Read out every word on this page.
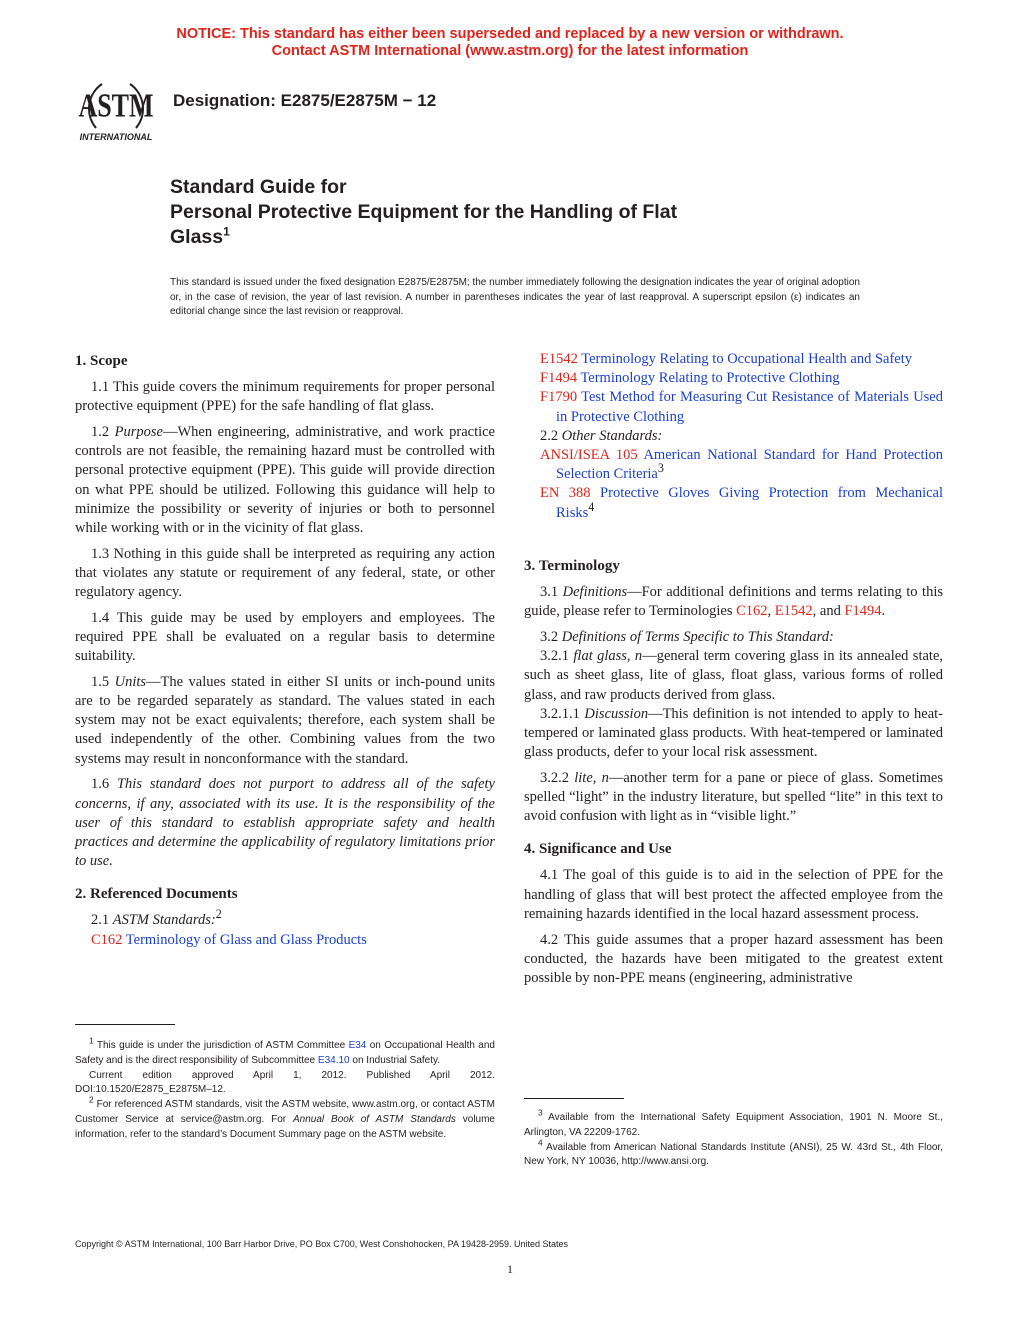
NOTICE: This standard has either been superseded and replaced by a new version or withdrawn.
Contact ASTM International (www.astm.org) for the latest information
ASTM
INTERNATIONAL
Designation: E2875/E2875M − 12
Standard Guide for
Personal Protective Equipment for the Handling of Flat
Glass$^1$
This standard is issued under the fixed designation E2875/E2875M; the number immediately following the designation indicates the year of original adoption or, in the case of revision, the year of last revision. A number in parentheses indicates the year of last reapproval. A superscript epsilon (ε) indicates an editorial change since the last revision or reapproval.
1. Scope

1.1 This guide covers the minimum requirements for proper personal protective equipment (PPE) for the safe handling of flat glass.

1.2 Purpose—When engineering, administrative, and work practice controls are not feasible, the remaining hazard must be controlled with personal protective equipment (PPE). This guide will provide direction on what PPE should be utilized. Following this guidance will help to minimize the possibility or severity of injuries or both to personnel while working with or in the vicinity of flat glass.

1.3 Nothing in this guide shall be interpreted as requiring any action that violates any statute or requirement of any federal, state, or other regulatory agency.

1.4 This guide may be used by employers and employees. The required PPE shall be evaluated on a regular basis to determine suitability.

1.5 Units—The values stated in either SI units or inch-pound units are to be regarded separately as standard. The values stated in each system may not be exact equivalents; therefore, each system shall be used independently of the other. Combining values from the two systems may result in nonconformance with the standard.

1.6 This standard does not purport to address all of the safety concerns, if any, associated with its use. It is the responsibility of the user of this standard to establish appropriate safety and health practices and determine the applicability of regulatory limitations prior to use.

2. Referenced Documents

2.1 ASTM Standards:$^2$

C162 Terminology of Glass and Glass Products

$^1$ This guide is under the jurisdiction of ASTM Committee E34 on Occupational Health and Safety and is the direct responsibility of Subcommittee E34.10 on Industrial Safety.

Current edition approved April 1, 2012. Published April 2012. DOI:10.1520/E2875_E2875M–12.

$^2$ For referenced ASTM standards, visit the ASTM website, www.astm.org, or contact ASTM Customer Service at service@astm.org. For Annual Book of ASTM Standards volume information, refer to the standard’s Document Summary page on the ASTM website.

E1542 Terminology Relating to Occupational Health and Safety

F1494 Terminology Relating to Protective Clothing

F1790 Test Method for Measuring Cut Resistance of Materials Used in Protective Clothing

2.2 Other Standards:

ANSI/ISEA 105 American National Standard for Hand Protection Selection Criteria$^3$

EN 388 Protective Gloves Giving Protection from Mechanical Risks$^4$

3. Terminology

3.1 Definitions—For additional definitions and terms relating to this guide, please refer to Terminologies C162, E1542, and F1494.

3.2 Definitions of Terms Specific to This Standard:

3.2.1 flat glass, n—general term covering glass in its annealed state, such as sheet glass, lite of glass, float glass, various forms of rolled glass, and raw products derived from glass.

3.2.1.1 Discussion—This definition is not intended to apply to heat-tempered or laminated glass products. With heat-tempered or laminated glass products, defer to your local risk assessment.

3.2.2 lite, n—another term for a pane or piece of glass. Sometimes spelled “light” in the industry literature, but spelled “lite” in this text to avoid confusion with light as in “visible light.”

4. Significance and Use

4.1 The goal of this guide is to aid in the selection of PPE for the handling of glass that will best protect the affected employee from the remaining hazards identified in the local hazard assessment process.

4.2 This guide assumes that a proper hazard assessment has been conducted, the hazards have been mitigated to the greatest extent possible by non-PPE means (engineering, administrative

$^3$ Available from the International Safety Equipment Association, 1901 N. Moore St., Arlington, VA 22209-1762.

$^4$ Available from American National Standards Institute (ANSI), 25 W. 43rd St., 4th Floor, New York, NY 10036, http://www.ansi.org.

Copyright © ASTM International, 100 Barr Harbor Drive, PO Box C700, West Conshohocken, PA 19428-2959. United States
1
